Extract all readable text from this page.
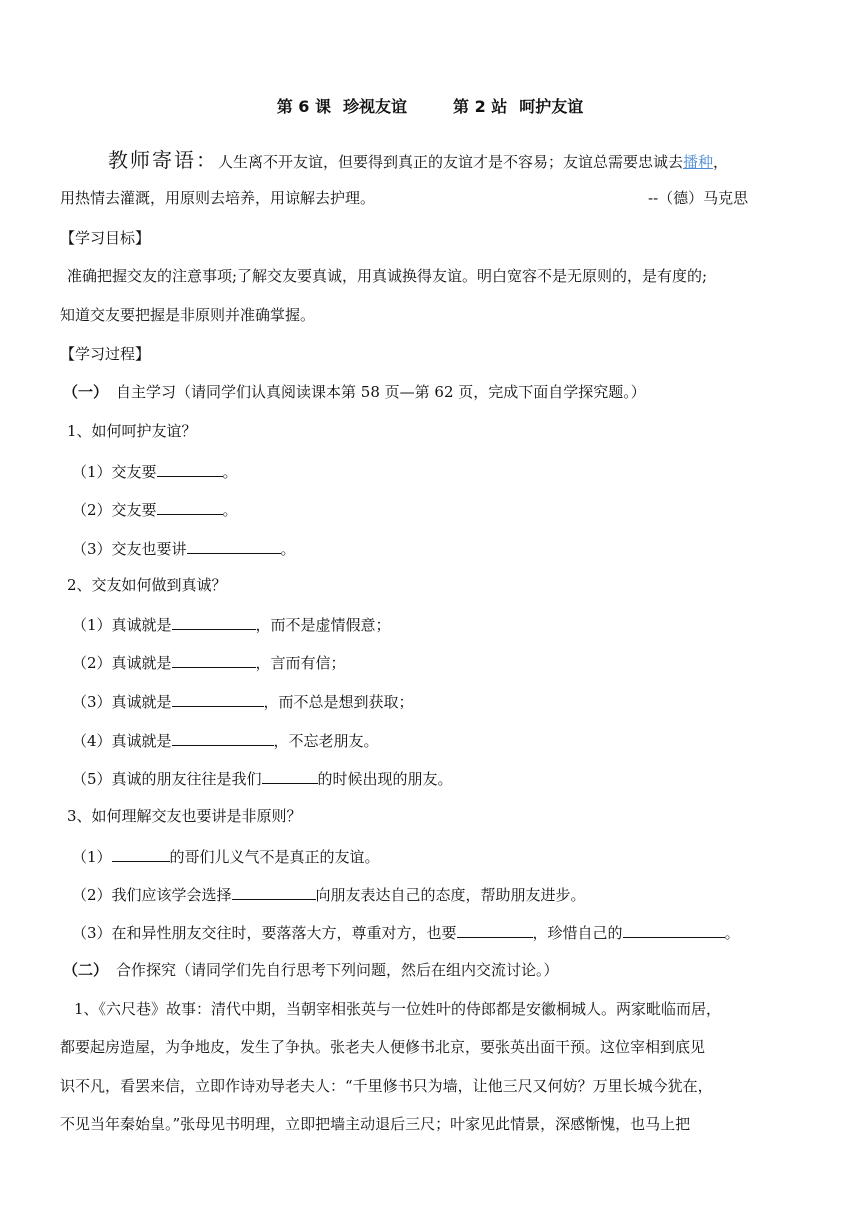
第 6 课 珍视友谊	第 2 站 呵护友谊
教师寄语：人生离不开友谊，但要得到真正的友谊才是不容易；友谊总需要忠诚去播种，
用热情去灌溉，用原则去培养，用谅解去护理。	--（德）马克思
【学习目标】
准确把握交友的注意事项;了解交友要真诚，用真诚换得友谊。明白宽容不是无原则的，是有度的;
知道交友要把握是非原则并准确掌握。
【学习过程】
（一） 自主学习（请同学们认真阅读课本第 58 页—第 62 页，完成下面自学探究题。）
1、如何呵护友谊？
（1）交友要	。
（2）交友要	。
（3）交友也要讲	。
2、交友如何做到真诚？
（1）真诚就是	，而不是虚情假意；
（2）真诚就是	，言而有信；
（3）真诚就是	，而不总是想到获取；
（4）真诚就是	，不忘老朋友。
（5）真诚的朋友往往是我们	的时候出现的朋友。
3、如何理解交友也要讲是非原则？
（1）	的哥们儿义气不是真正的友谊。
（2）我们应该学会选择	向朋友表达自己的态度，帮助朋友进步。
（3）在和异性朋友交往时，要落落大方，尊重对方，也要	，珍惜自己的	。
（二） 合作探究（请同学们先自行思考下列问题，然后在组内交流讨论。）
1、《六尺巷》故事：清代中期，当朝宰相张英与一位姓叶的侍郎都是安徽桐城人。两家毗临而居，
都要起房造屋，为争地皮，发生了争执。张老夫人便修书北京，要张英出面干预。这位宰相到底见
识不凡，看罢来信，立即作诗劝导老夫人：“千里修书只为墙，让他三尺又何妨？万里长城今犹在，
不见当年秦始皇。”张母见书明理，立即把墙主动退后三尺；叶家见此情景，深感惭愧，也马上把
